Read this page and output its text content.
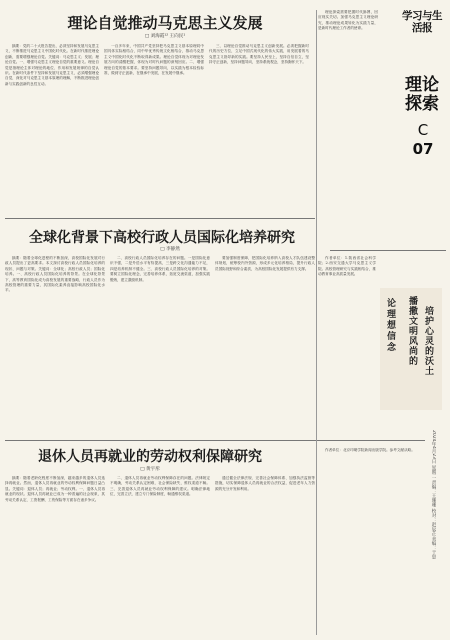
学习与生活报
理论探索
C 07
论理想信念 播撒文明风尚的 培护心灵的沃土
2024年4月23日 星期二 责编：王珊珊 校对：赵辰芷 美编：于思
理论自觉推动马克思主义发展
□ 刘海霞¹² 王向民¹

摘要：党的二十大报告提出，必须坚持和发展马克思主义，不断推进马克思主义中国化时代化。在新时代推进理论创新，需要增强理论自觉。关键词：马克思主义；发展；理论自觉。一、增强马克思主义理论自觉的重要意义。理论自觉是指理论主体对理论的地位、作用和发展规律的自觉认识。在新时代条件下坚持和发展马克思主义，必须增强理论自觉，深化对马克思主义基本原理的理解，不断推进理论创新与实践创新的良性互动。

一百多年来，中国共产党坚持把马克思主义基本原理同中国具体实际相结合，同中华优秀传统文化相结合，推动马克思主义中国化时代化不断取得新成果。理论自觉体现为对理论发展方向的清醒把握，体现为对时代问题的深刻回应。二、增强理论自觉的基本要求。要坚持问题导向，以实践为根本检验标准，做到守正创新，在继承中发展，在发展中继承。

三、以理论自觉推动马克思主义创新发展。必须把握新时代的历史方位，立足中国式现代化的伟大实践，用发展着的马克思主义指导新的实践。要坚持人民至上，坚持自信自立，坚持守正创新，坚持问题导向，坚持系统观念，坚持胸怀天下。

理论探索需要把握时代脉搏，回应现实关切。加强马克思主义理论研究，推动理论成果转化为实践力量，是新时代理论工作者的使命。

全球化背景下高校行政人员国际化培养研究
□ 李静然

摘要：随着全球化进程的不断加深，高校国际化发展对行政人员提出了更高要求。本文探讨高校行政人员国际化培养的现状、问题与对策。关键词：全球化；高校行政人员；国际化培养。一、高校行政人员国际化培养的背景。在全球化背景下，高等教育国际化成为高校发展的重要战略，行政人员作为高校管理的重要力量，其国际化素养直接影响高校国际化水平。

二、高校行政人员国际化培养存在的问题。一是国际化意识不强，二是外语水平有待提高，三是跨文化沟通能力不足，四是培养机制不健全。三、高校行政人员国际化培养的对策。要树立国际化理念，完善培养体系，拓宽交流渠道，加强实践锻炼，建立激励机制。

要加强制度保障，把国际化培养纳入高校人才队伍建设整体规划，统筹校内外资源，形成多元化培养格局，提升行政人员国际视野和综合素质，为高校国际化发展提供有力支撑。

作者单位：1.陕西省社会科学院；2.西安交通大学马克思主义学院。高校管理研究与实践相结合，推动教育事业高质量发展。

退休人员再就业的劳动权利保障研究
□ 黄宇彤

摘要：随着老龄化程度不断加深，越来越多的退休人员选择再就业。然而，退休人员再就业的劳动权利保障问题日益凸显。关键词：退休人员；再就业；劳动权利。一、退休人员再就业的现状。退休人员再就业已成为一种普遍的社会现象，其劳动关系认定、工资报酬、工伤保险等方面存在诸多争议。

二、退休人员再就业劳动权利保障存在的问题。法律规定不明确，劳动关系认定困难，社会保险缺失，维权渠道不畅。三、完善退休人员再就业劳动权利保障的建议。明确法律地位，完善立法，建立专门保险制度，畅通维权渠道。

通过健全法律法规、完善社会保障体系、加强执法监督等措施，切实保障退休人员再就业的合法权益，促进老年人力资源的充分开发和利用。

作者单位：北京印刷学院新闻出版学院。参考文献从略。
